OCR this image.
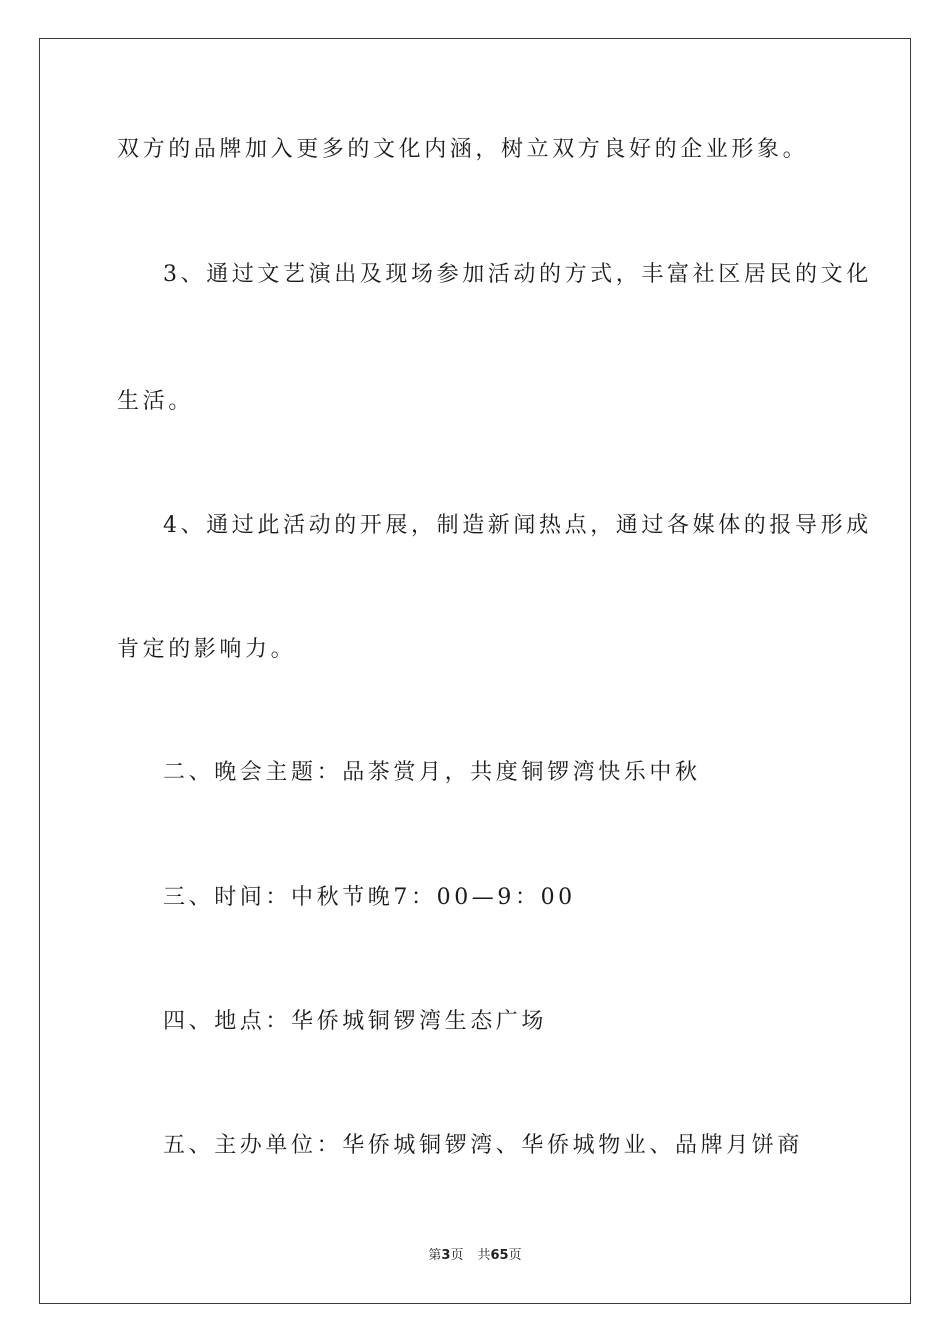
双方的品牌加入更多的文化内涵，树立双方良好的企业形象。

3、通过文艺演出及现场参加活动的方式，丰富社区居民的文化

生活。

4、通过此活动的开展，制造新闻热点，通过各媒体的报导形成

肯定的影响力。

二、晚会主题：品茶赏月，共度铜锣湾快乐中秋

三、时间：中秋节晚7：00—9：00

四、地点：华侨城铜锣湾生态广场

五、主办单位：华侨城铜锣湾、华侨城物业、品牌月饼商

第3页 共65页
